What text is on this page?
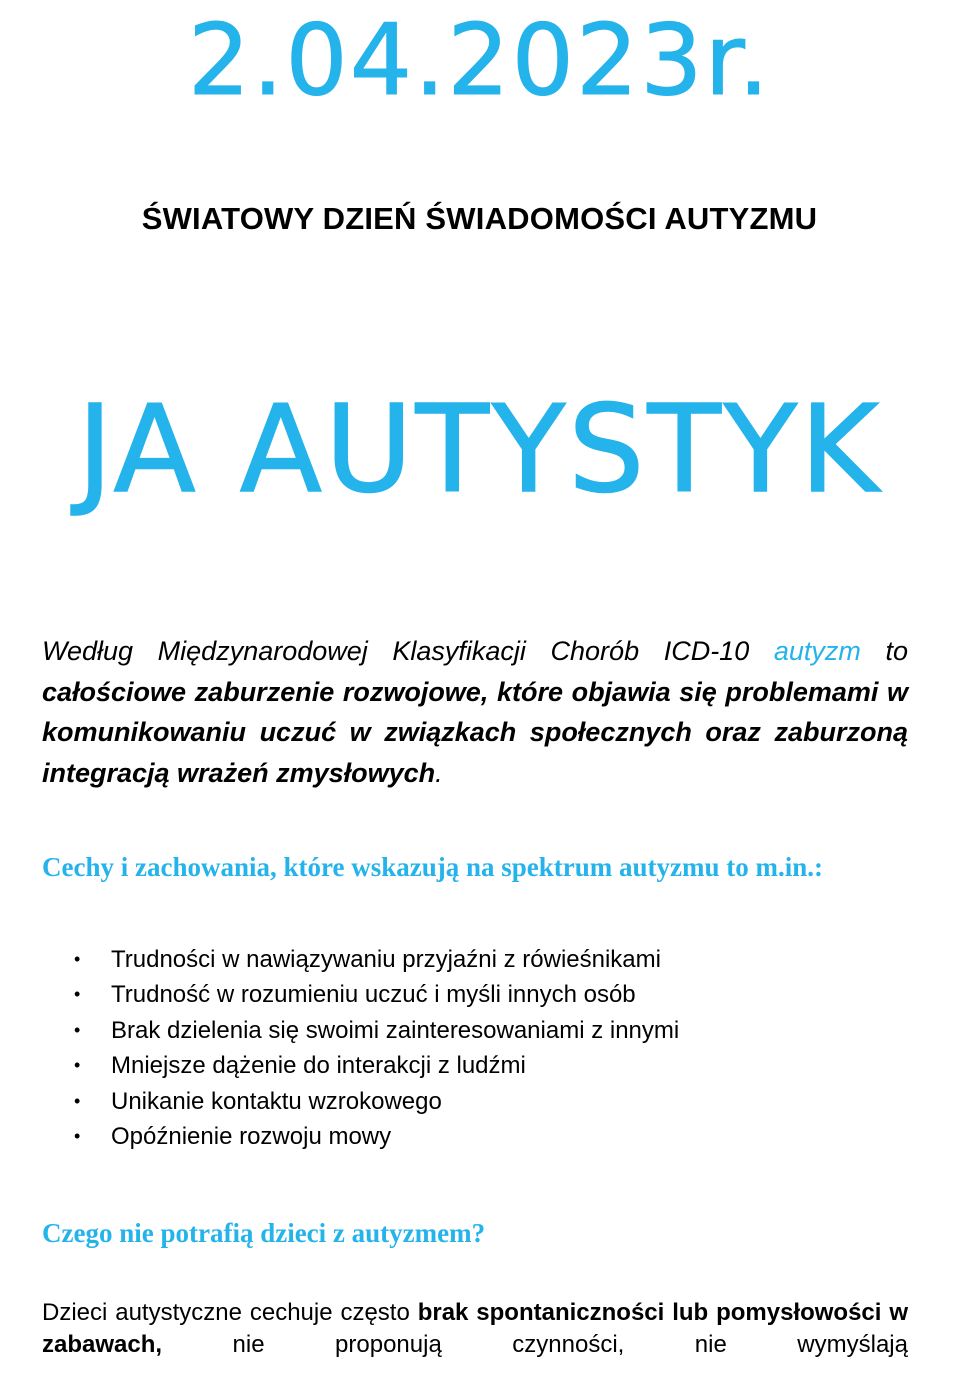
2.04.2023r.
ŚWIATOWY DZIEŃ ŚWIADOMOŚCI AUTYZMU
JA AUTYSTYK

Według Międzynarodowej Klasyfikacji Chorób ICD-10 autyzm to całościowe zaburzenie rozwojowe, które objawia się problemami w komunikowaniu uczuć w związkach społecznych oraz zaburzoną integracją wrażeń zmysłowych.

Cechy i zachowania, które wskazują na spektrum autyzmu to m.in.:
• Trudności w nawiązywaniu przyjaźni z rówieśnikami
• Trudność w rozumieniu uczuć i myśli innych osób
• Brak dzielenia się swoimi zainteresowaniami z innymi
• Mniejsze dążenie do interakcji z ludźmi
• Unikanie kontaktu wzrokowego
• Opóźnienie rozwoju mowy
Czego nie potrafią dzieci z autyzmem?

Dzieci autystyczne cechuje często brak spontaniczności lub pomysłowości w zabawach, nie proponują czynności, nie wymyślają
